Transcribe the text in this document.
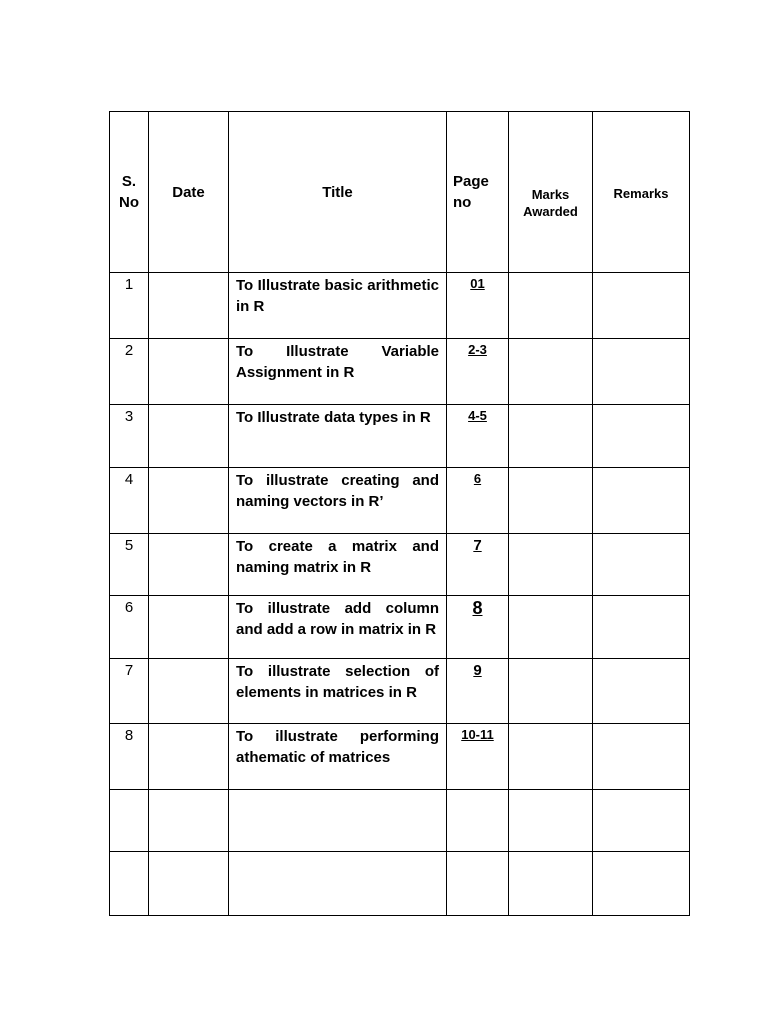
S. No	Date	Title	Page no	Marks Awarded	Remarks
1		To Illustrate basic arithmetic in R	01		
2		To Illustrate Variable Assignment in R	2-3		
3		To Illustrate data types in R	4-5		
4		To illustrate creating and naming vectors in R’	6		
5		To create a matrix and naming matrix in R	7		
6		To illustrate add column and add a row in matrix in R	8		
7		To illustrate selection of elements in matrices in R	9		
8		To illustrate performing athematic of matrices	10-11		
